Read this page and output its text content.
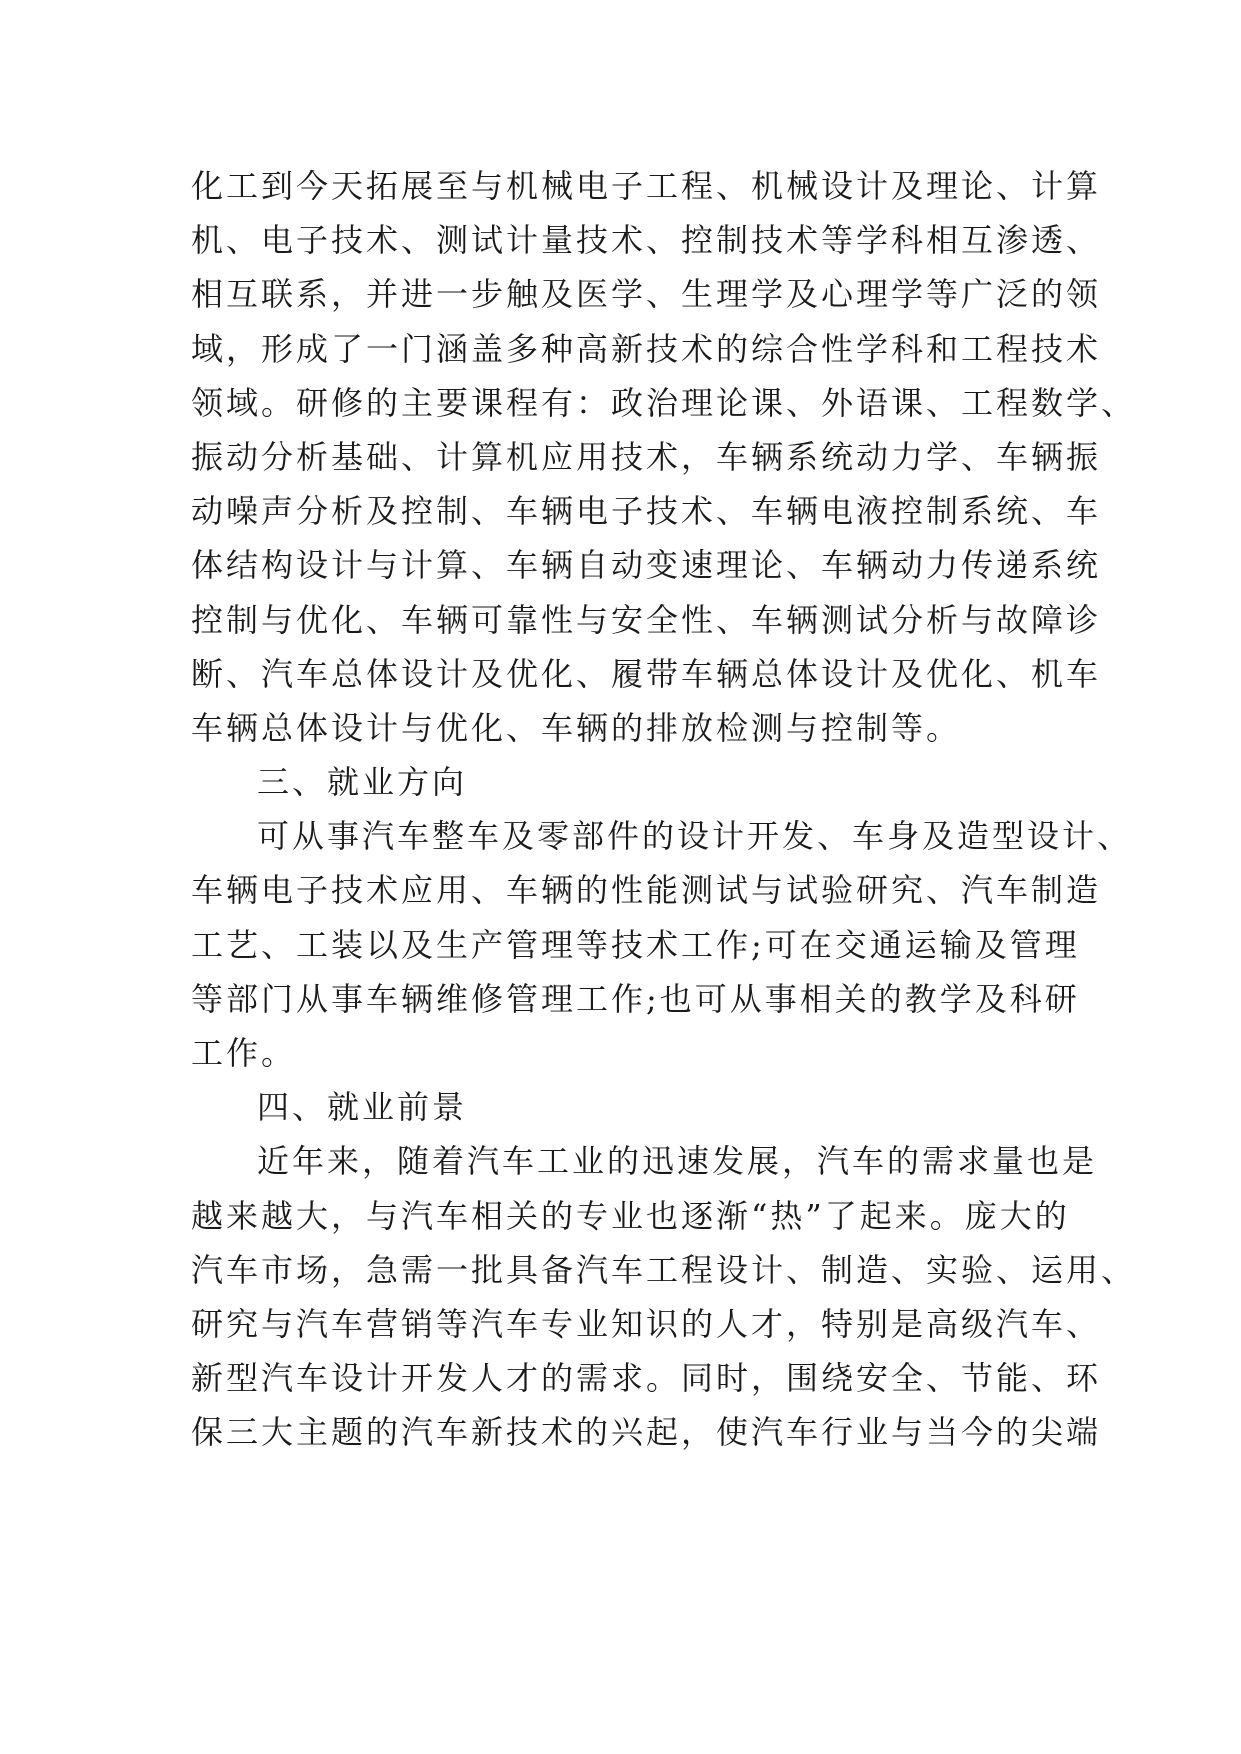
化工到今天拓展至与机械电子工程、机械设计及理论、计算
机、电子技术、测试计量技术、控制技术等学科相互渗透、
相互联系，并进一步触及医学、生理学及心理学等广泛的领
域，形成了一门涵盖多种高新技术的综合性学科和工程技术
领域。研修的主要课程有：政治理论课、外语课、工程数学、
振动分析基础、计算机应用技术，车辆系统动力学、车辆振
动噪声分析及控制、车辆电子技术、车辆电液控制系统、车
体结构设计与计算、车辆自动变速理论、车辆动力传递系统
控制与优化、车辆可靠性与安全性、车辆测试分析与故障诊
断、汽车总体设计及优化、履带车辆总体设计及优化、机车
车辆总体设计与优化、车辆的排放检测与控制等。
三、就业方向
可从事汽车整车及零部件的设计开发、车身及造型设计、
车辆电子技术应用、车辆的性能测试与试验研究、汽车制造
工艺、工装以及生产管理等技术工作;可在交通运输及管理
等部门从事车辆维修管理工作;也可从事相关的教学及科研
工作。
四、就业前景
近年来，随着汽车工业的迅速发展，汽车的需求量也是
越来越大，与汽车相关的专业也逐渐“热”了起来。庞大的
汽车市场，急需一批具备汽车工程设计、制造、实验、运用、
研究与汽车营销等汽车专业知识的人才，特别是高级汽车、
新型汽车设计开发人才的需求。同时，围绕安全、节能、环
保三大主题的汽车新技术的兴起，使汽车行业与当今的尖端
